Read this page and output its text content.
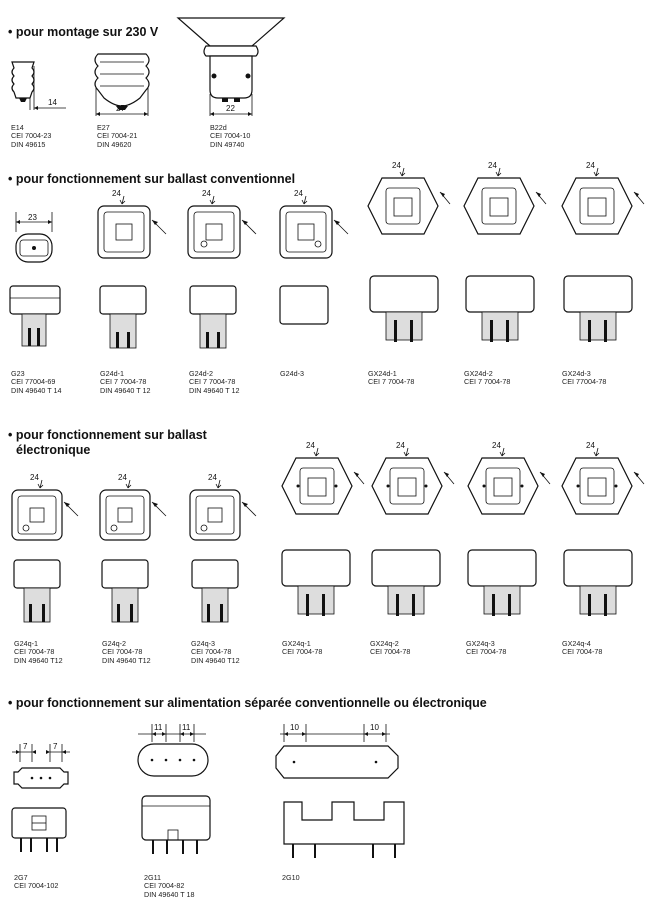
• pour montage sur 230 V
• pour fonctionnement sur ballast conventionnel
• pour fonctionnement sur ballast
électronique
• pour fonctionnement sur alimentation séparée conventionnelle ou électronique
14
E14
CEI 7004-23
DIN 49615
27
E27
CEI 7004-21
DIN 49620
22
B22d
CEI 7004-10
DIN 49740
23
24	24	24
24	24	24
G23
CEI 77004-69
DIN 49640 T 14
G24d-1
CEI 7 7004-78
DIN 49640 T 12
G24d-2
CEI 7 7004-78
DIN 49640 T 12
G24d-3	GX24d-1
CEI 7 7004-78
GX24d-2
CEI 7 7004-78
GX24d-3
CEI 77004-78
24	24	24
24	24	24	24
G24q-1
CEI 7004-78
DIN 49640 T12
G24q-2
CEI 7004-78
DIN 49640 T12
G24q-3
CEI 7004-78
DIN 49640 T12
GX24q-1
CEI 7004-78
GX24q-2
CEI 7004-78
GX24q-3
CEI 7004-78
GX24q-4
CEI 7004-78
7	7
11 11	10	10
2G7
CEI 7004-102
2G11
CEI 7004-82
DIN 49640 T 18
2G10
